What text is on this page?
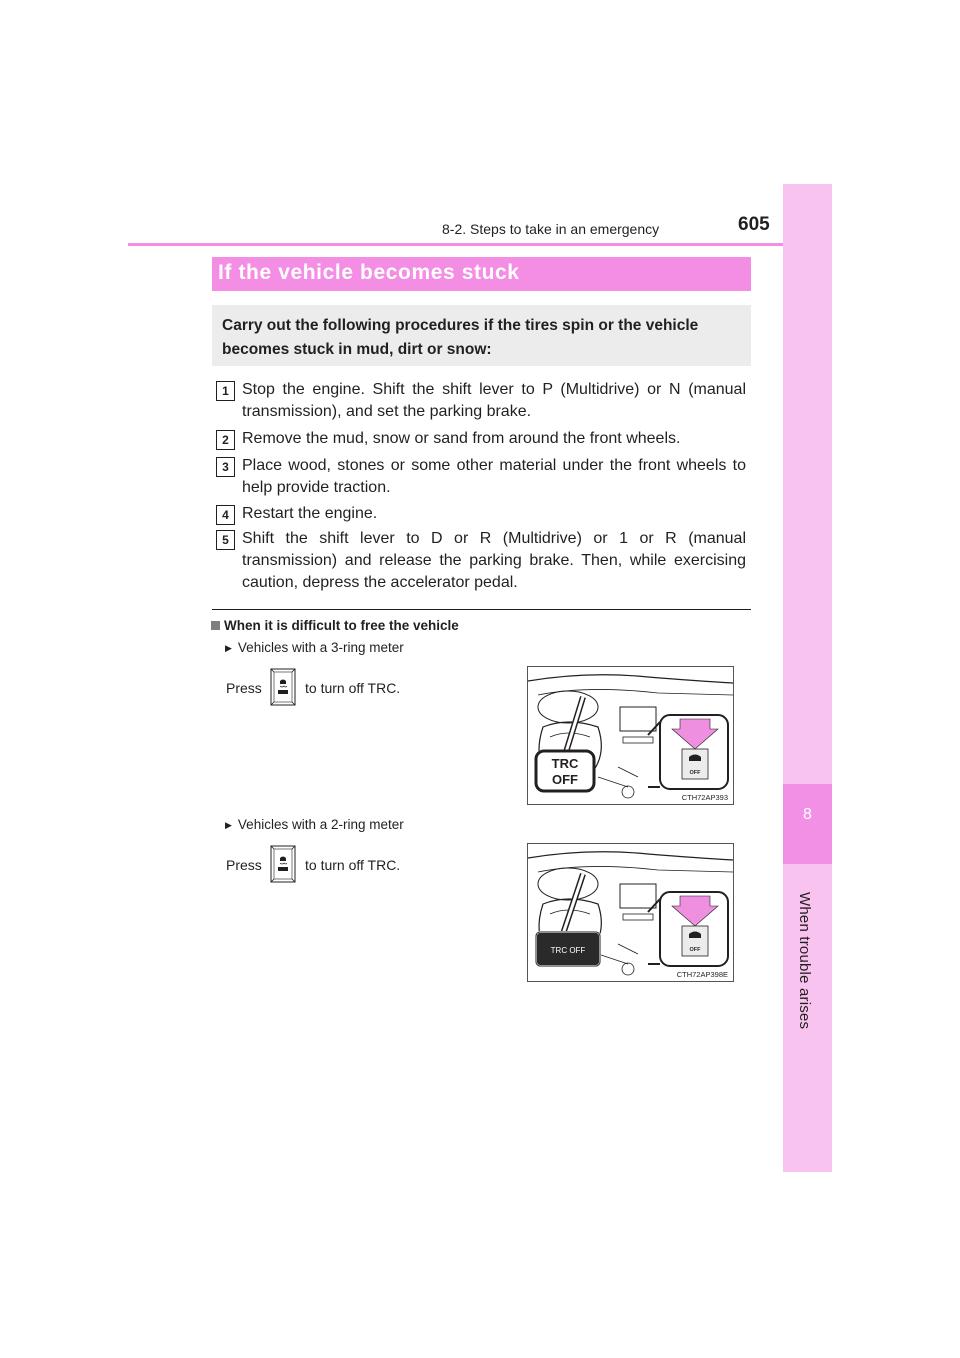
8-2. Steps to take in an emergency	605
8
When trouble arises
If the vehicle becomes stuck

Carry out the following procedures if the tires spin or the vehicle becomes stuck in mud, dirt or snow:

1 Stop the engine. Shift the shift lever to P (Multidrive) or N (manual transmission), and set the parking brake.
2 Remove the mud, snow or sand from around the front wheels.
3 Place wood, stones or some other material under the front wheels to help provide traction.
4 Restart the engine.
5 Shift the shift lever to D or R (Multidrive) or 1 or R (manual transmission) and release the parking brake. Then, while exercising caution, depress the accelerator pedal.
When it is difficult to free the vehicle
▶ Vehicles with a 3-ring meter
Press	to turn off TRC.
TRC
OFF	OFF
CTH72AP393
▶ Vehicles with a 2-ring meter
Press	to turn off TRC.
TRC OFF	OFF
CTH72AP398E
